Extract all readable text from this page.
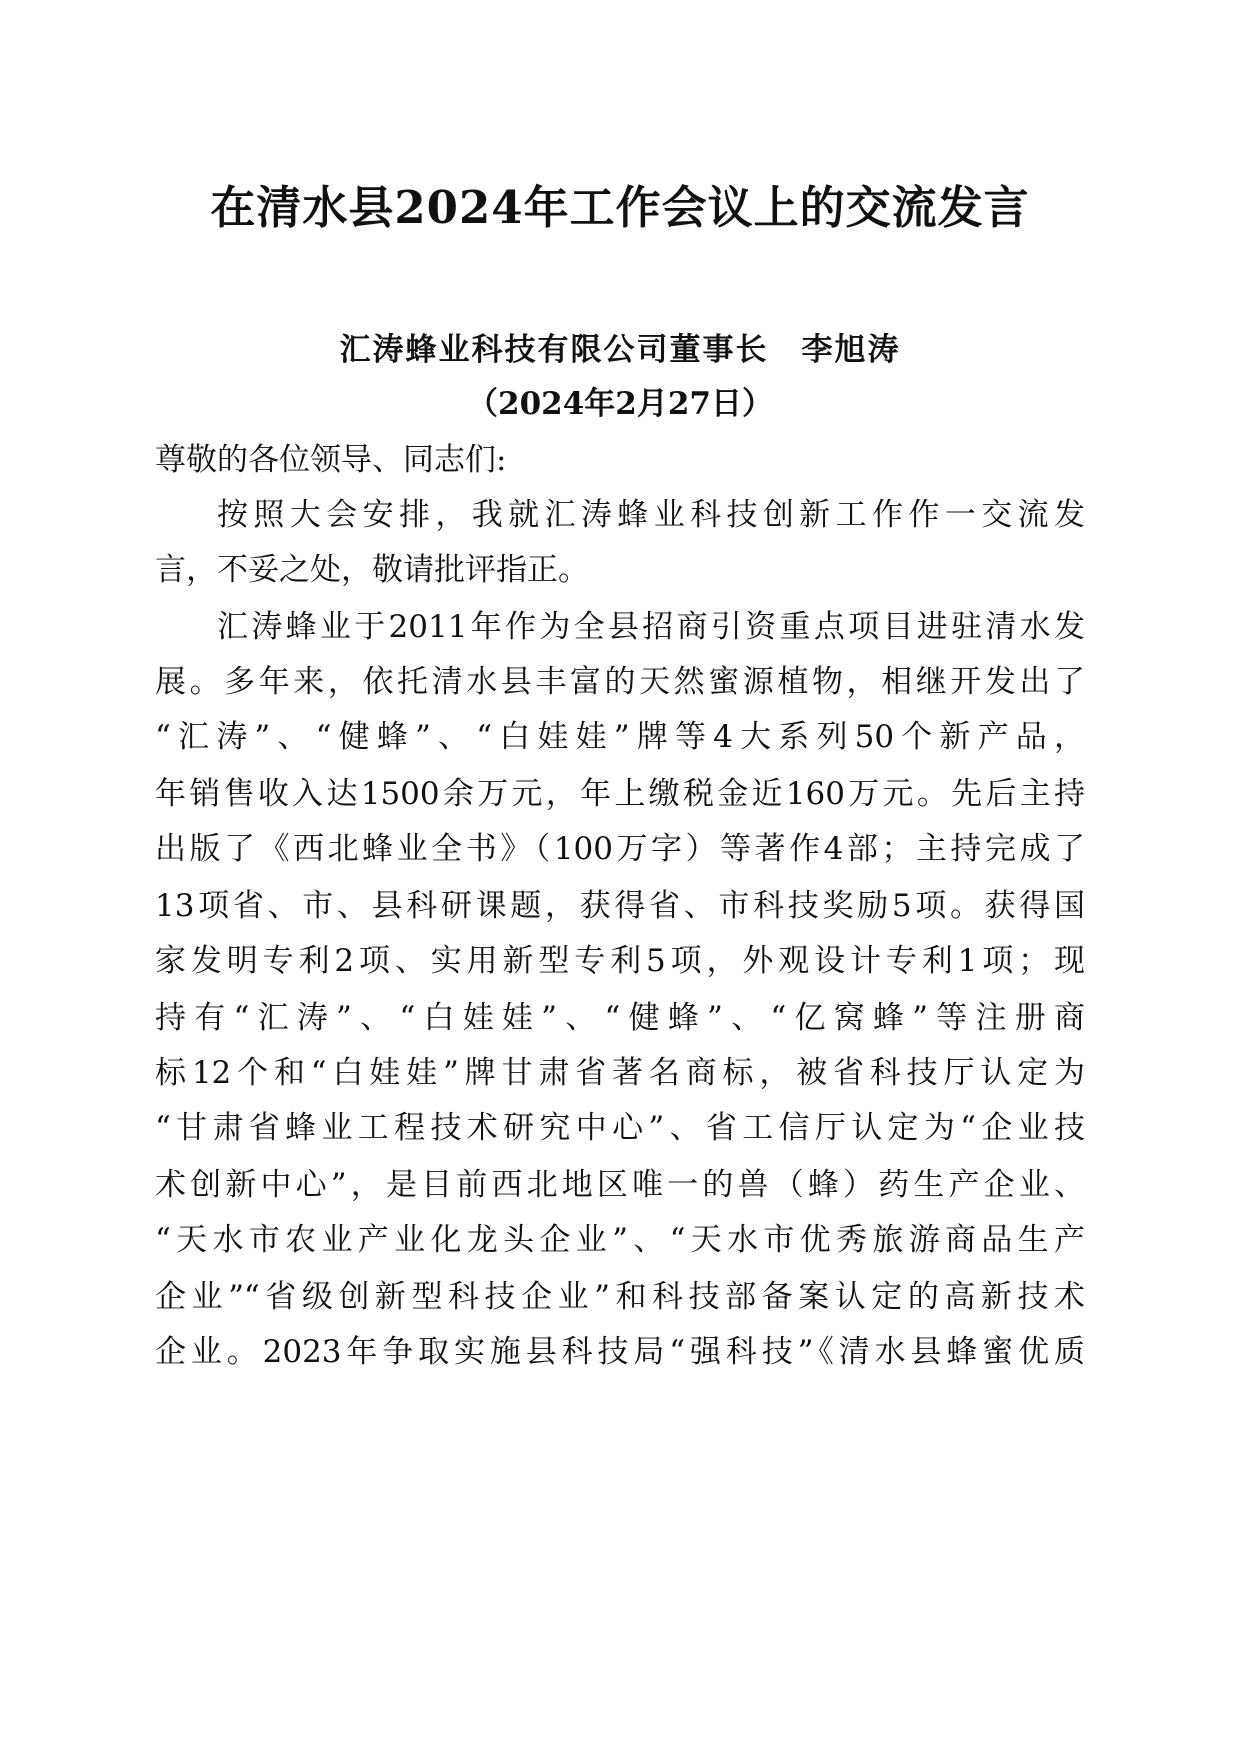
在清水县2024年工作会议上的交流发言
汇涛蜂业科技有限公司董事长　李旭涛
（2024年2月27日）
尊敬的各位领导、同志们:
按照大会安排，我就汇涛蜂业科技创新工作作一交流发
言，不妥之处，敬请批评指正。
汇涛蜂业于2011年作为全县招商引资重点项目进驻清水发
展。多年来，依托清水县丰富的天然蜜源植物，相继开发出了
“汇涛”、“健蜂”、“白娃娃”牌等4大系列50个新产品，
年销售收入达1500余万元，年上缴税金近160万元。先后主持
出版了《西北蜂业全书》（100万字）等著作4部；主持完成了
13项省、市、县科研课题，获得省、市科技奖励5项。获得国
家发明专利2项、实用新型专利5项，外观设计专利1项；现
持有“汇涛”、“白娃娃”、“健蜂”、“亿窝蜂”等注册商
标12个和“白娃娃”牌甘肃省著名商标，被省科技厅认定为
“甘肃省蜂业工程技术研究中心”、省工信厅认定为“企业技
术创新中心”，是目前西北地区唯一的兽（蜂）药生产企业、
“天水市农业产业化龙头企业”、“天水市优秀旅游商品生产
企业”“省级创新型科技企业”和科技部备案认定的高新技术
企业。2023年争取实施县科技局“强科技”《清水县蜂蜜优质
